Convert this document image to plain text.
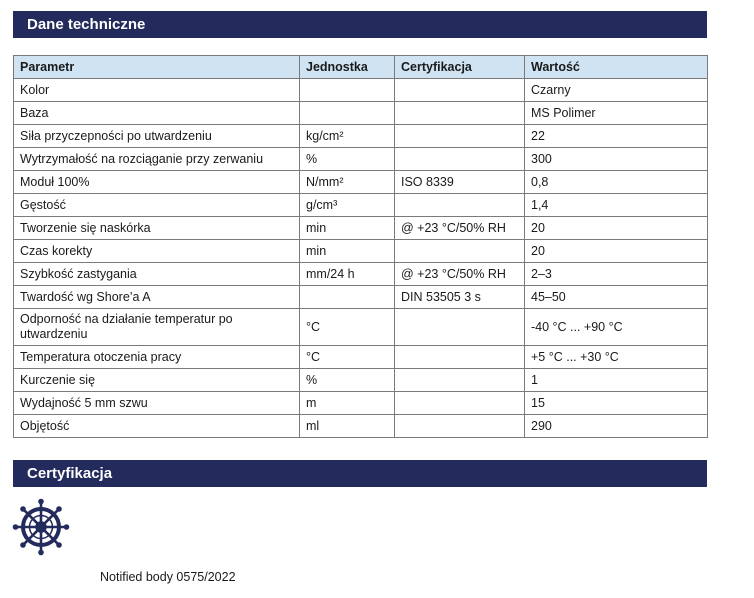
Dane techniczne
Parametr	Jednostka	Certyfikacja	Wartość
Kolor			Czarny
Baza			MS Polimer
Siła przyczepności po utwardzeniu	kg/cm²		22
Wytrzymałość na rozciąganie przy zerwaniu	%		300
Moduł 100%	N/mm²	ISO 8339	0,8
Gęstość	g/cm³		1,4
Tworzenie się naskórka	min	@ +23 °C/50% RH	20
Czas korekty	min		20
Szybkość zastygania	mm/24 h	@ +23 °C/50% RH	2–3
Twardość wg Shore’a A		DIN 53505 3 s	45–50
Odporność na działanie temperatur po utwardzeniu	°C		-40 °C ... +90 °C
Temperatura otoczenia pracy	°C		+5 °C ... +30 °C
Kurczenie się	%		1
Wydajność 5 mm szwu	m		15
Objętość	ml		290
Certyfikacja
Notified body 0575/2022
